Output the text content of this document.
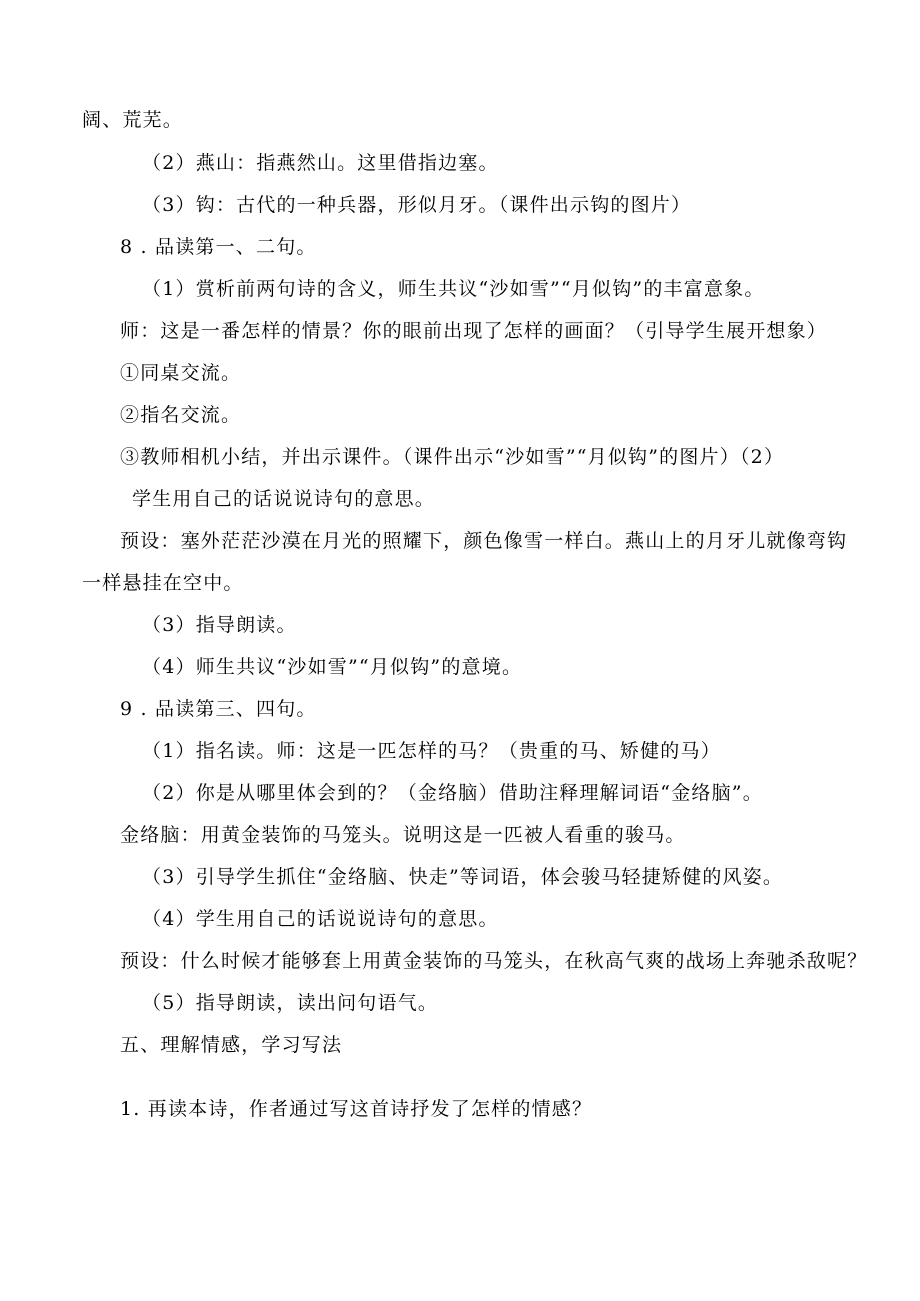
阔、荒芜。
（2）燕山：指燕然山。这里借指边塞。
（3）钩：古代的一种兵器，形似月牙。（课件出示钩的图片）
8 . 品读第一、二句。
（1）赏析前两句诗的含义，师生共议“沙如雪”“月似钩”的丰富意象。
师：这是一番怎样的情景？你的眼前出现了怎样的画面？（引导学生展开想象）
①同桌交流。
②指名交流。
③教师相机小结，并出示课件。（课件出示“沙如雪”“月似钩”的图片）（2）
学生用自己的话说说诗句的意思。
预设：塞外茫茫沙漠在月光的照耀下，颜色像雪一样白。燕山上的月牙儿就像弯钩
一样悬挂在空中。
（3）指导朗读。
（4）师生共议“沙如雪”“月似钩”的意境。
9 . 品读第三、四句。
（1）指名读。师：这是一匹怎样的马？（贵重的马、矫健的马）
（2）你是从哪里体会到的？（金络脑）借助注释理解词语“金络脑”。
金络脑：用黄金装饰的马笼头。说明这是一匹被人看重的骏马。
（3）引导学生抓住“金络脑、快走”等词语，体会骏马轻捷矫健的风姿。
（4）学生用自己的话说说诗句的意思。
预设：什么时候才能够套上用黄金装饰的马笼头，在秋高气爽的战场上奔驰杀敌呢？
（5）指导朗读，读出问句语气。
五、理解情感，学习写法
1. 再读本诗，作者通过写这首诗抒发了怎样的情感？
